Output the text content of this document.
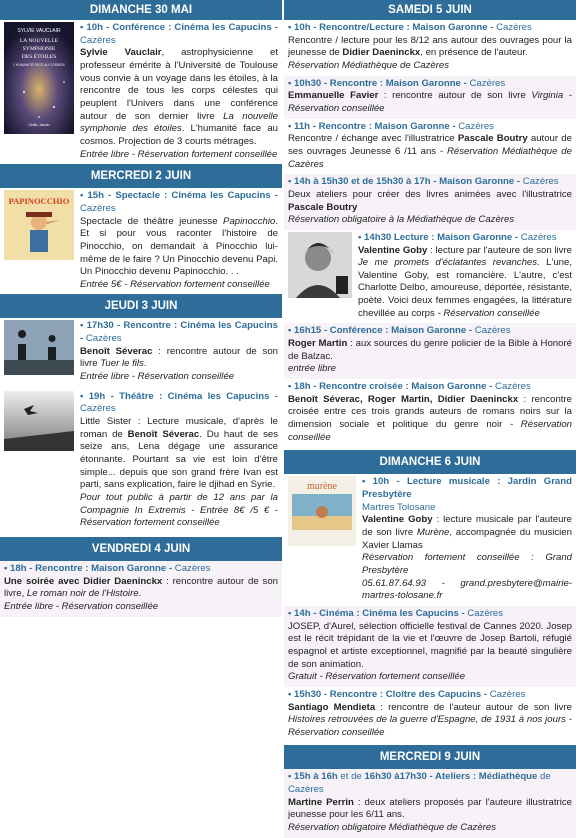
DIMANCHE 30 MAI
SYLVIE VAUCLAIR
LA NOUVELLE
SYMPHONIE
DES ÉTOILES
L'HUMANITÉ FACE AU COSMOS
Odile Jacob
• 10h - Conférence : Cinéma les Capucins - Cazères
Sylvie Vauclair, astrophysicienne et professeur émérite à l'Université de Toulouse vous convie à un voyage dans les étoiles, à la rencontre de tous les corps célestes qui peuplent l'Univers dans une conférence autour de son dernier livre La nouvelle symphonie des étoiles. L'humanité face au cosmos. Projection de 3 courts métrages.
Entrée libre - Réservation fortement conseillée
MERCREDI 2 JUIN
PAPINOCCHIO • 15h - Spectacle : Cinéma les Capucins - Cazères
Spectacle de théâtre jeunesse Papinocchio. Et si pour vous raconter l'histoire de Pinocchio, on demandait à Pinocchio lui-même de le faire ? Un Pinocchio devenu Papi. Un Pinocchio devenu Papinocchio. . .
Entrée 5€ - Réservation fortement conseillée
JEUDI 3 JUIN
• 17h30 - Rencontre : Cinéma les Capucins - Cazères
Benoît Séverac : rencontre autour de son livre Tuer le fils.
Entrée libre - Réservation conseillée
• 19h - Théâtre : Cinéma les Capucins - Cazères
Little Sister : Lecture musicale, d'après le roman de Benoît Séverac. Du haut de ses seize ans, Lena dégage une assurance étonnante. Pourtant sa vie est loin d'être simple... depuis que son grand frère Ivan est parti, sans explication, faire le djihad en Syrie.
Pour tout public à partir de 12 ans par la Compagnie In Extremis - Entrée 8€ /5 € - Réservation fortement conseillée
VENDREDI 4 JUIN
• 18h - Rencontre : Maison Garonne - Cazères
Une soirée avec Didier Daeninckx : rencontre autour de son livre, Le roman noir de l'Histoire.
Entrée libre - Réservation conseillée
SAMEDI 5 JUIN
• 10h - Rencontre/Lecture : Maison Garonne - Cazères
Rencontre / lecture pour les 8/12 ans autour des ouvrages pour la jeunesse de Didier Daeninckx, en présence de l'auteur.
Réservation Médiathèque de Cazères
• 10h30 - Rencontre : Maison Garonne - Cazères
Emmanuelle Favier : rencontre autour de son livre Virginia - Réservation conseillée
• 11h - Rencontre : Maison Garonne - Cazères
Rencontre / échange avec l'illustratrice Pascale Boutry autour de ses ouvrages Jeunesse 6 /11 ans - Réservation Médiathèque de Cazères
• 14h à 15h30 et de 15h30 à 17h - Maison Garonne - Cazères
Deux ateliers pour créer des livres animées avec l'illustratrice Pascale Boutry
Réservation obligatoire à la Médiathèque de Cazères
• 14h30 Lecture : Maison Garonne - Cazères
Valentine Goby : lecture par l'auteure de son livre Je me promets d'éclatantes revanches. L'une, Valentine Goby, est romancière. L'autre, c'est Charlotte Delbo, amoureuse, déportée, résistante, poète. Voici deux femmes engagées, la littérature chevillée au corps - Réservation conseillée
• 16h15 - Conférence : Maison Garonne - Cazères
Roger Martin : aux sources du genre policier de la Bible à Honoré de Balzac.
entrée libre
• 18h - Rencontre croisée : Maison Garonne - Cazères
Benoît Séverac, Roger Martin, Didier Daeninckx : rencontre croisée entre ces trois grands auteurs de romans noirs sur la dimension sociale et politique du genre noir - Réservation conseillée
DIMANCHE 6 JUIN
murène	• 10h - Lecture musicale : Jardin Grand Presbytère
Martres Tolosane
Valentine Goby : lecture musicale par l'auteure de son livre Murène, accompagnée du musicien Xavier Llamas
Réservation fortement conseillée : Grand Presbytère
05.61.87.64.93 - grand.presbytere@mairie-martres-tolosane.fr
• 14h - Cinéma : Cinéma les Capucins - Cazères
JOSEP, d'Aurel, sélection officielle festival de Cannes 2020. Josep est le récit trépidant de la vie et l'œuvre de Josep Bartoli, réfugié espagnol et artiste exceptionnel, magnifié par la beauté singulière de son animation.
Gratuit - Réservation fortement conseillée
• 15h30 - Rencontre : Cloître des Capucins - Cazères
Santiago Mendieta : rencontre de l'auteur autour de son livre Histoires retrouvées de la guerre d'Espagne, de 1931 à nos jours - Réservation conseillée
MERCREDI 9 JUIN
• 15h à 16h et de 16h30 à17h30 - Ateliers : Médiathèque de Cazères
Martine Perrin : deux ateliers proposés par l'auteure illustratrice jeunesse pour les 6/11 ans.
Réservation obligatoire Médiathèque de Cazères
